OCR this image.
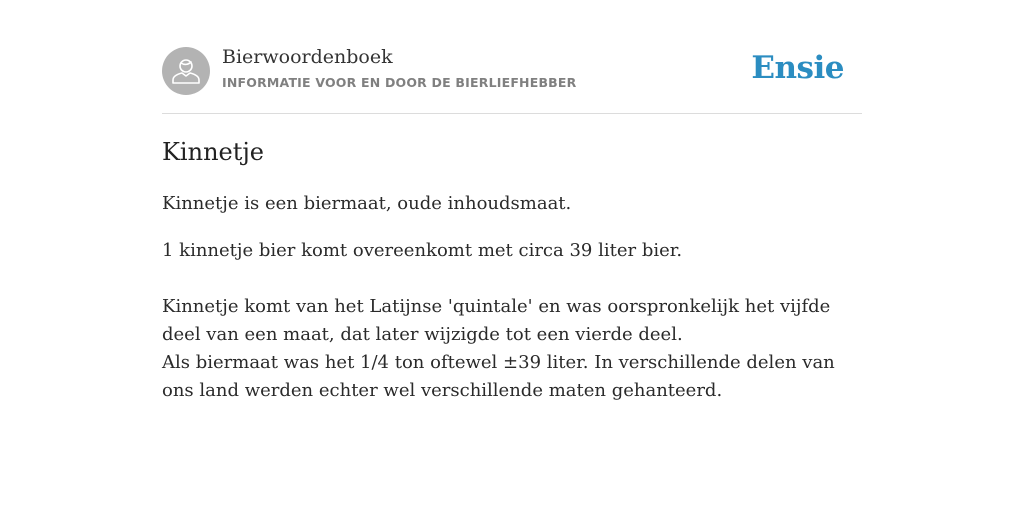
Bierwoordenboek
INFORMATIE VOOR EN DOOR DE BIERLIEFHEBBER	Ensie
Kinnetje

Kinnetje is een biermaat, oude inhoudsmaat.

1 kinnetje bier komt overeenkomt met circa 39 liter bier.

Kinnetje komt van het Latijnse 'quintale' en was oorspronkelijk het vijfde deel van een maat, dat later wijzigde tot een vierde deel.
Als biermaat was het 1/4 ton oftewel ±39 liter. In verschillende delen van ons land werden echter wel verschillende maten gehanteerd.
